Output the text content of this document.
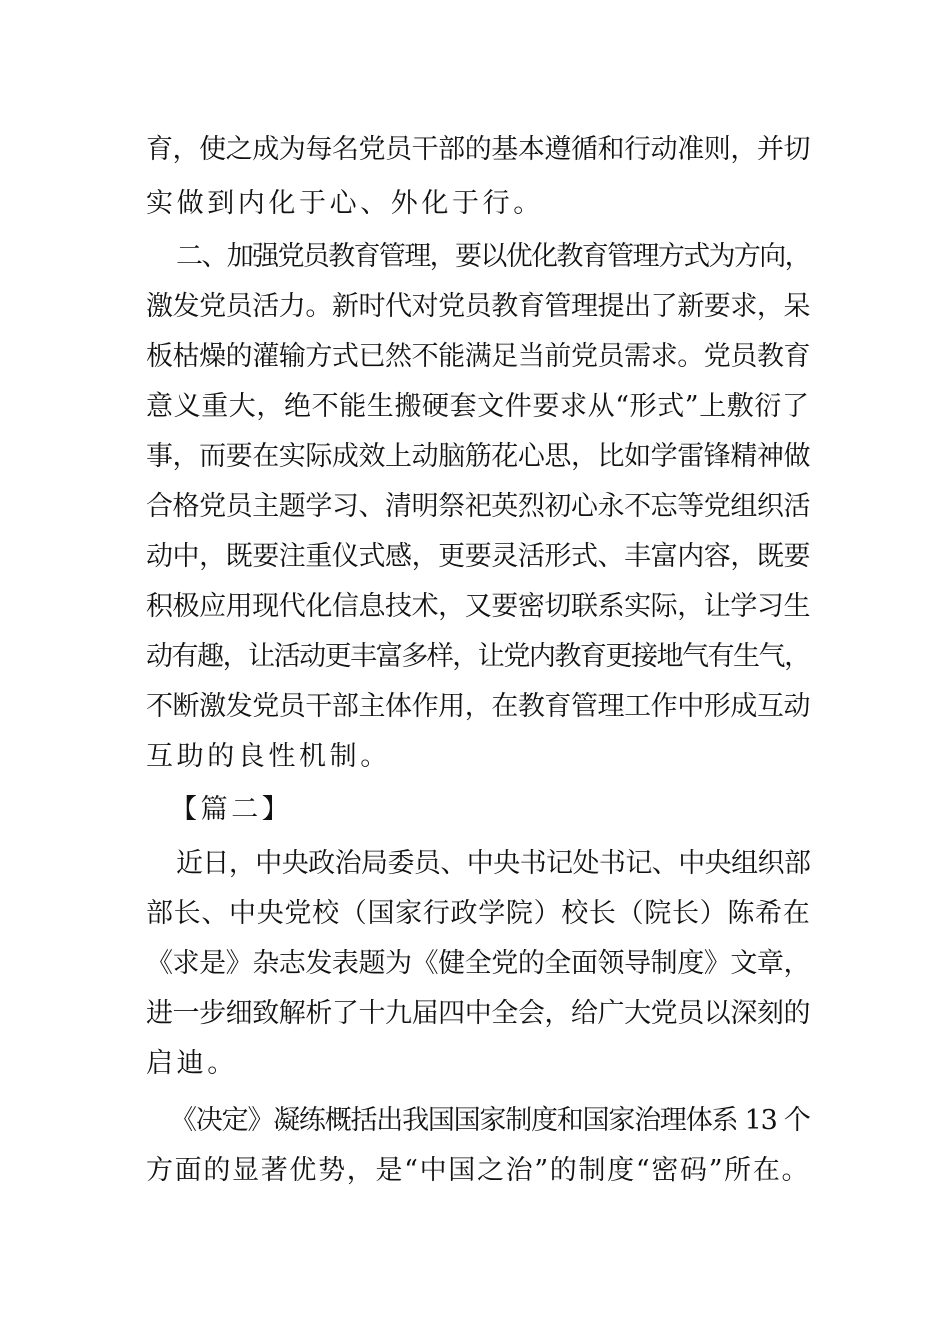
育，使之成为每名党员干部的基本遵循和行动准则，并切
实做到内化于心、外化于行。
二、加强党员教育管理，要以优化教育管理方式为方向，
激发党员活力。新时代对党员教育管理提出了新要求，呆
板枯燥的灌输方式已然不能满足当前党员需求。党员教育
意义重大，绝不能生搬硬套文件要求从“形式”上敷衍了
事，而要在实际成效上动脑筋花心思，比如学雷锋精神做
合格党员主题学习、清明祭祀英烈初心永不忘等党组织活
动中，既要注重仪式感，更要灵活形式、丰富内容，既要
积极应用现代化信息技术，又要密切联系实际，让学习生
动有趣，让活动更丰富多样，让党内教育更接地气有生气，
不断激发党员干部主体作用，在教育管理工作中形成互动
互助的良性机制。
【篇二】
近日，中央政治局委员、中央书记处书记、中央组织部
部长、中央党校（国家行政学院）校长（院长）陈希在
《求是》杂志发表题为《健全党的全面领导制度》文章，
进一步细致解析了十九届四中全会，给广大党员以深刻的
启迪。
《决定》凝练概括出我国国家制度和国家治理体系 13 个
方面的显著优势，是“中国之治”的制度“密码”所在。
